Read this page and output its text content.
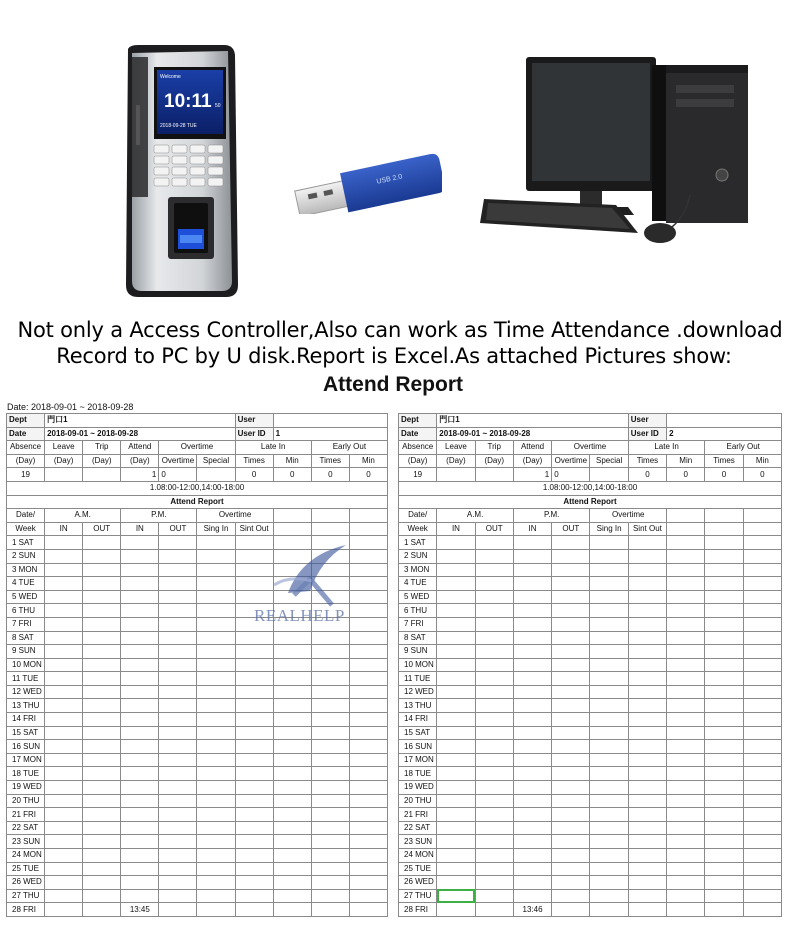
Welcome
10:11 50
2018-09-28 TUE
USB 2.0
Not only a Access Controller,Also can work as Time Attendance .download
Record to PC by U disk.Report is Excel.As attached Pictures show:
Attend Report
Date: 2018-09-01 ~ 2018-09-28
Dept	門口1					User			
Date	2018-09-01 ~ 2018-09-28					User ID	1		
Absence	Leave	Trip	Attend	Overtime		Late In		Early Out	
(Day)	(Day)	(Day)	(Day)	Overtime	Special	Times	Min	Times	Min
19			1	0		0	0	0	0
1.08:00-12:00,14:00-18:00									
Attend Report									
Date/	A.M.		P.M.		Overtime				
Week	IN	OUT	IN	OUT	Sing In	Sint Out			
1 SAT									
2 SUN									
3 MON									
4 TUE									
5 WED									
6 THU									
7 FRI									
8 SAT									
9 SUN									
10 MON									
11 TUE									
12 WED									
13 THU									
14 FRI									
15 SAT									
16 SUN									
17 MON									
18 TUE									
19 WED									
20 THU									
21 FRI									
22 SAT									
23 SUN									
24 MON									
25 TUE									
26 WED									
27 THU									
28 FRI			13:45						
Dept	門口1					User			
Date	2018-09-01 ~ 2018-09-28					User ID	2		
Absence	Leave	Trip	Attend	Overtime		Late In		Early Out	
(Day)	(Day)	(Day)	(Day)	Overtime	Special	Times	Min	Times	Min
19			1	0		0	0	0	0
1.08:00-12:00,14:00-18:00									
Attend Report									
Date/	A.M.		P.M.		Overtime				
Week	IN	OUT	IN	OUT	Sing In	Sint Out			
1 SAT									
2 SUN									
3 MON									
4 TUE									
5 WED									
6 THU									
7 FRI									
8 SAT									
9 SUN									
10 MON									
11 TUE									
12 WED									
13 THU									
14 FRI									
15 SAT									
16 SUN									
17 MON									
18 TUE									
19 WED									
20 THU									
21 FRI									
22 SAT									
23 SUN									
24 MON									
25 TUE									
26 WED									
27 THU									
28 FRI			13:46						
REALHELP
